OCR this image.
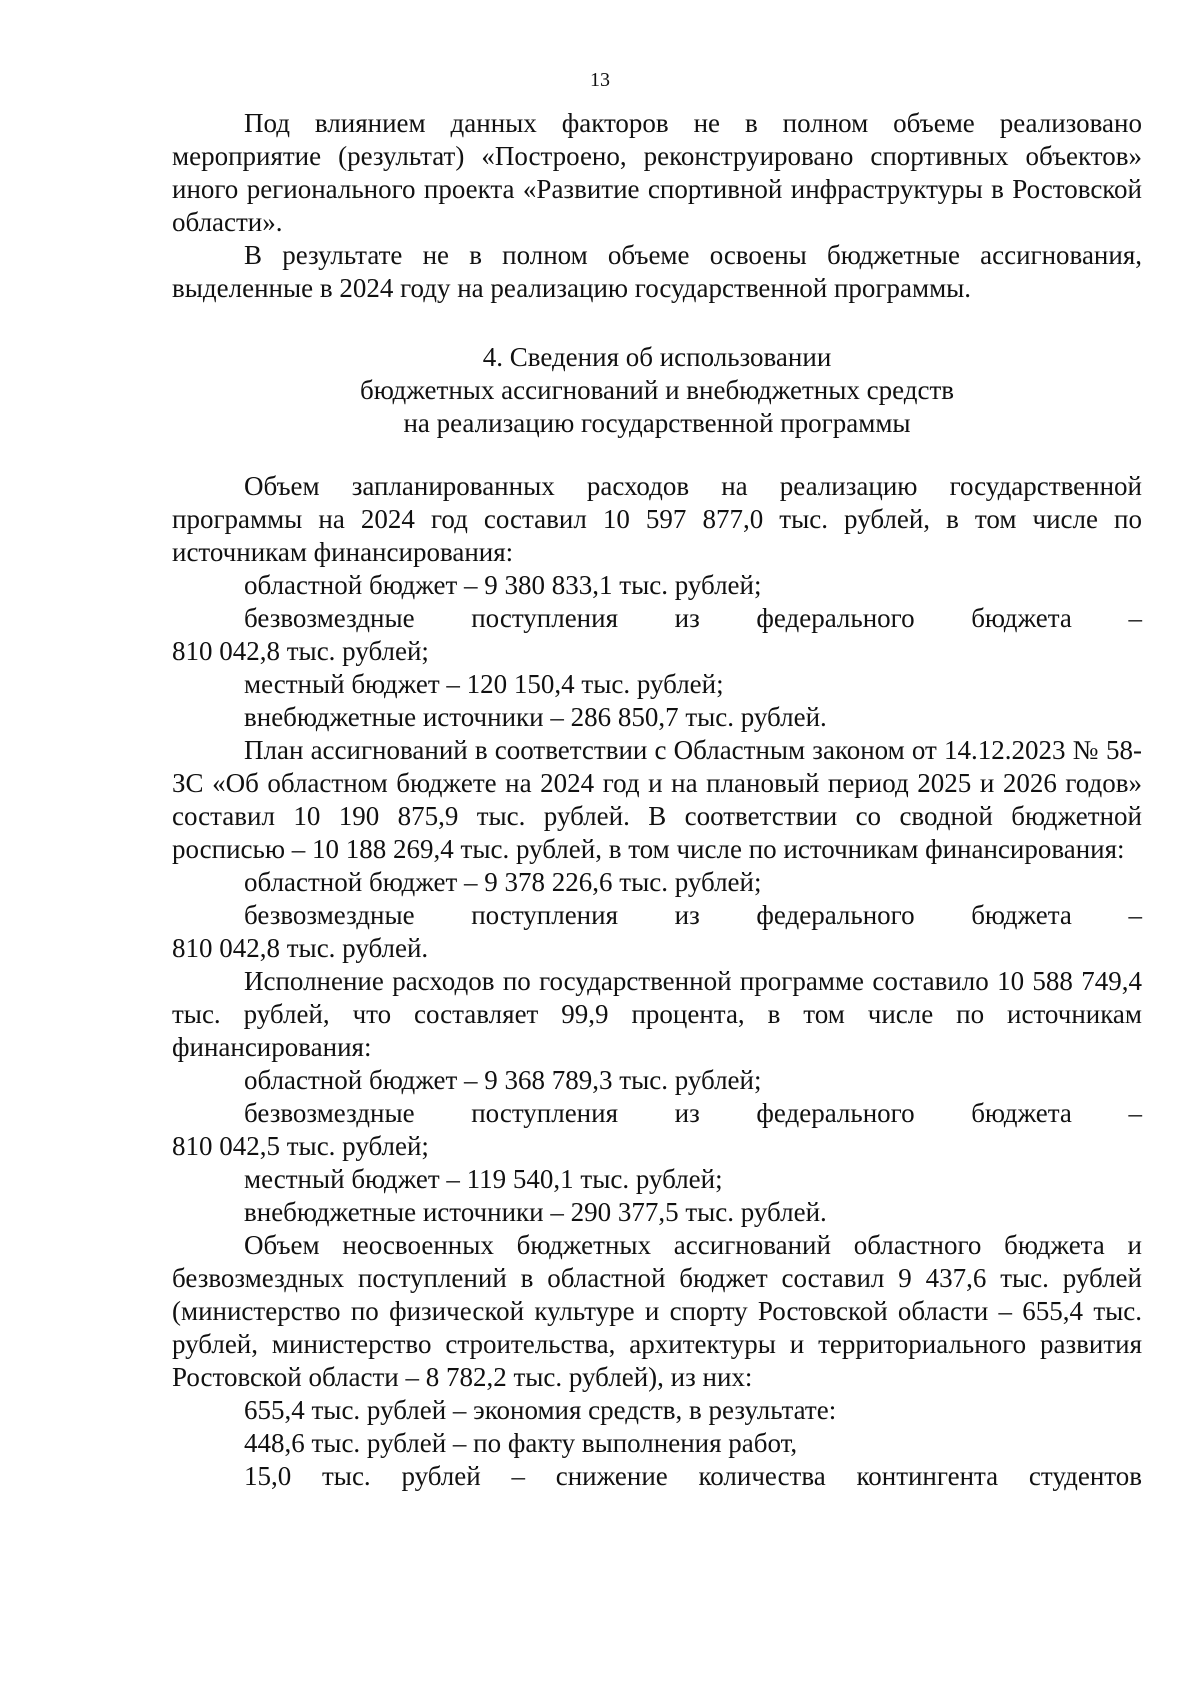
13

Под влиянием данных факторов не в полном объеме реализовано мероприятие (результат) «Построено, реконструировано спортивных объектов» иного регионального проекта «Развитие спортивной инфраструктуры в Ростовской области».

В результате не в полном объеме освоены бюджетные ассигнования, выделенные в 2024 году на реализацию государственной программы.

4. Сведения об использовании
бюджетных ассигнований и внебюджетных средств
на реализацию государственной программы

Объем запланированных расходов на реализацию государственной программы на 2024 год составил 10 597 877,0 тыс. рублей, в том числе по источникам финансирования:

областной бюджет – 9 380 833,1 тыс. рублей;

безвозмездные поступления из федерального бюджета –

810 042,8 тыс. рублей;

местный бюджет – 120 150,4 тыс. рублей;

внебюджетные источники – 286 850,7 тыс. рублей.

План ассигнований в соответствии с Областным законом от 14.12.2023 № 58-ЗС «Об областном бюджете на 2024 год и на плановый период 2025 и 2026 годов» составил 10 190 875,9 тыс. рублей. В соответствии со сводной бюджетной росписью – 10 188 269,4 тыс. рублей, в том числе по источникам финансирования:

областной бюджет – 9 378 226,6 тыс. рублей;

безвозмездные поступления из федерального бюджета –

810 042,8 тыс. рублей.

Исполнение расходов по государственной программе составило 10 588 749,4 тыс. рублей, что составляет 99,9 процента, в том числе по источникам финансирования:

областной бюджет – 9 368 789,3 тыс. рублей;

безвозмездные поступления из федерального бюджета –

810 042,5 тыс. рублей;

местный бюджет – 119 540,1 тыс. рублей;

внебюджетные источники – 290 377,5 тыс. рублей.

Объем неосвоенных бюджетных ассигнований областного бюджета и безвозмездных поступлений в областной бюджет составил 9 437,6 тыс. рублей (министерство по физической культуре и спорту Ростовской области – 655,4 тыс. рублей, министерство строительства, архитектуры и территориального развития Ростовской области – 8 782,2 тыс. рублей), из них:

655,4 тыс. рублей – экономия средств, в результате:

448,6 тыс. рублей – по факту выполнения работ,

15,0 тыс. рублей – снижение количества контингента студентов
